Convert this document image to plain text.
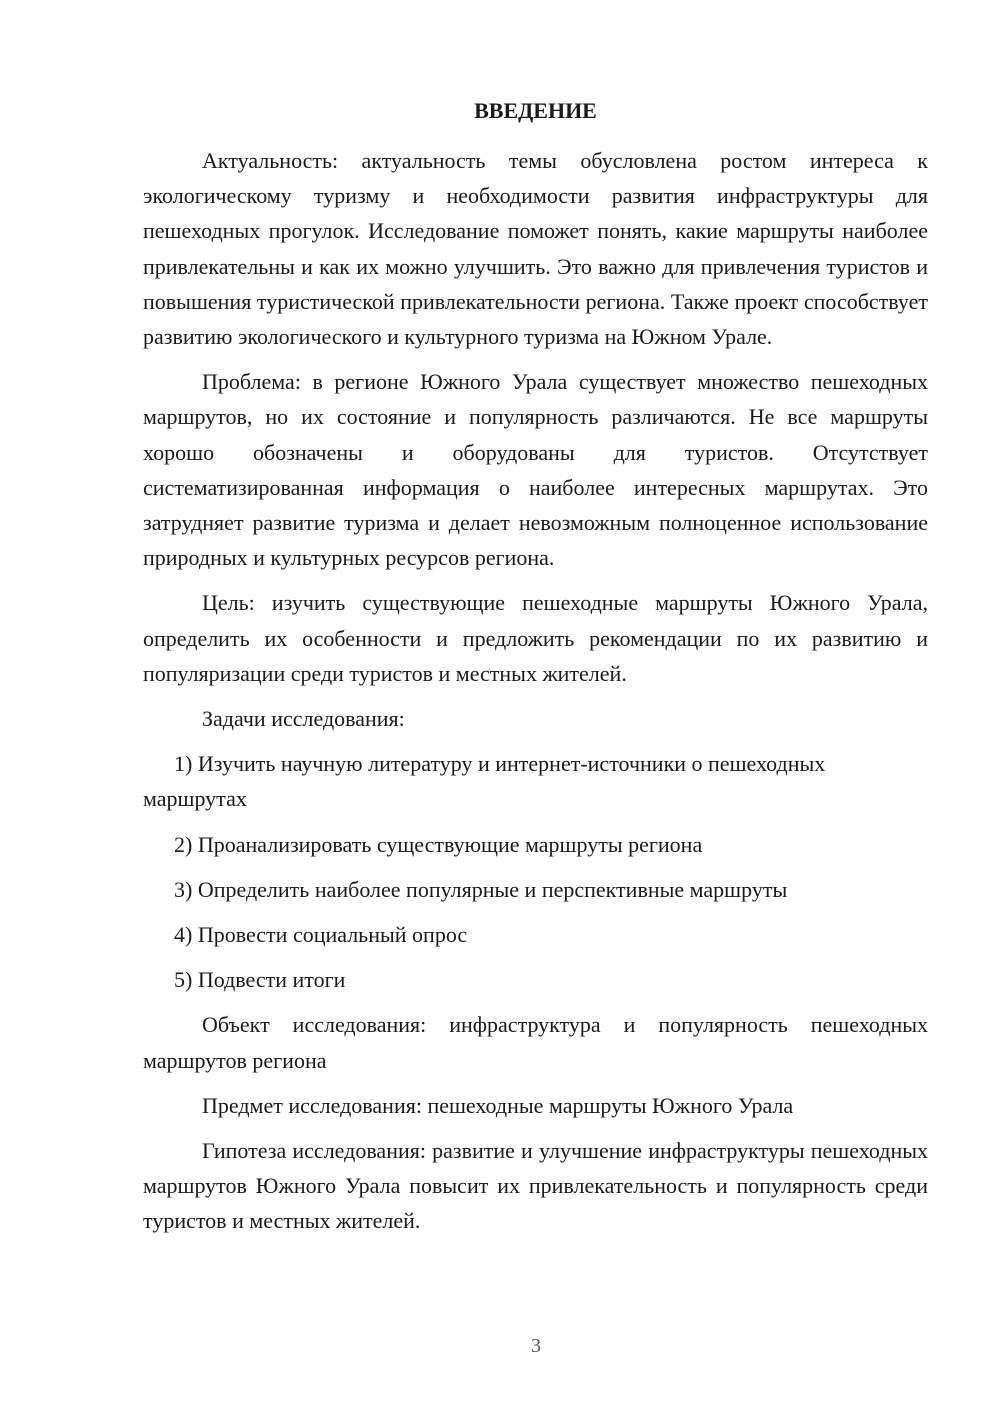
ВВЕДЕНИЕ

Актуальность: актуальность темы обусловлена ростом интереса к экологическому туризму и необходимости развития инфраструктуры для пешеходных прогулок. Исследование поможет понять, какие маршруты наиболее привлекательны и как их можно улучшить. Это важно для привлечения туристов и повышения туристической привлекательности региона. Также проект способствует развитию экологического и культурного туризма на Южном Урале.

Проблема: в регионе Южного Урала существует множество пешеходных маршрутов, но их состояние и популярность различаются. Не все маршруты хорошо обозначены и оборудованы для туристов. Отсутствует систематизированная информация о наиболее интересных маршрутах. Это затрудняет развитие туризма и делает невозможным полноценное использование природных и культурных ресурсов региона.

Цель: изучить существующие пешеходные маршруты Южного Урала, определить их особенности и предложить рекомендации по их развитию и популяризации среди туристов и местных жителей.

Задачи исследования:

1) Изучить научную литературу и интернет-источники о пешеходных маршрутах

2) Проанализировать существующие маршруты региона

3) Определить наиболее популярные и перспективные маршруты

4) Провести социальный опрос

5) Подвести итоги

Объект исследования: инфраструктура и популярность пешеходных маршрутов региона

Предмет исследования: пешеходные маршруты Южного Урала

Гипотеза исследования: развитие и улучшение инфраструктуры пешеходных маршрутов Южного Урала повысит их привлекательность и популярность среди туристов и местных жителей.

3
